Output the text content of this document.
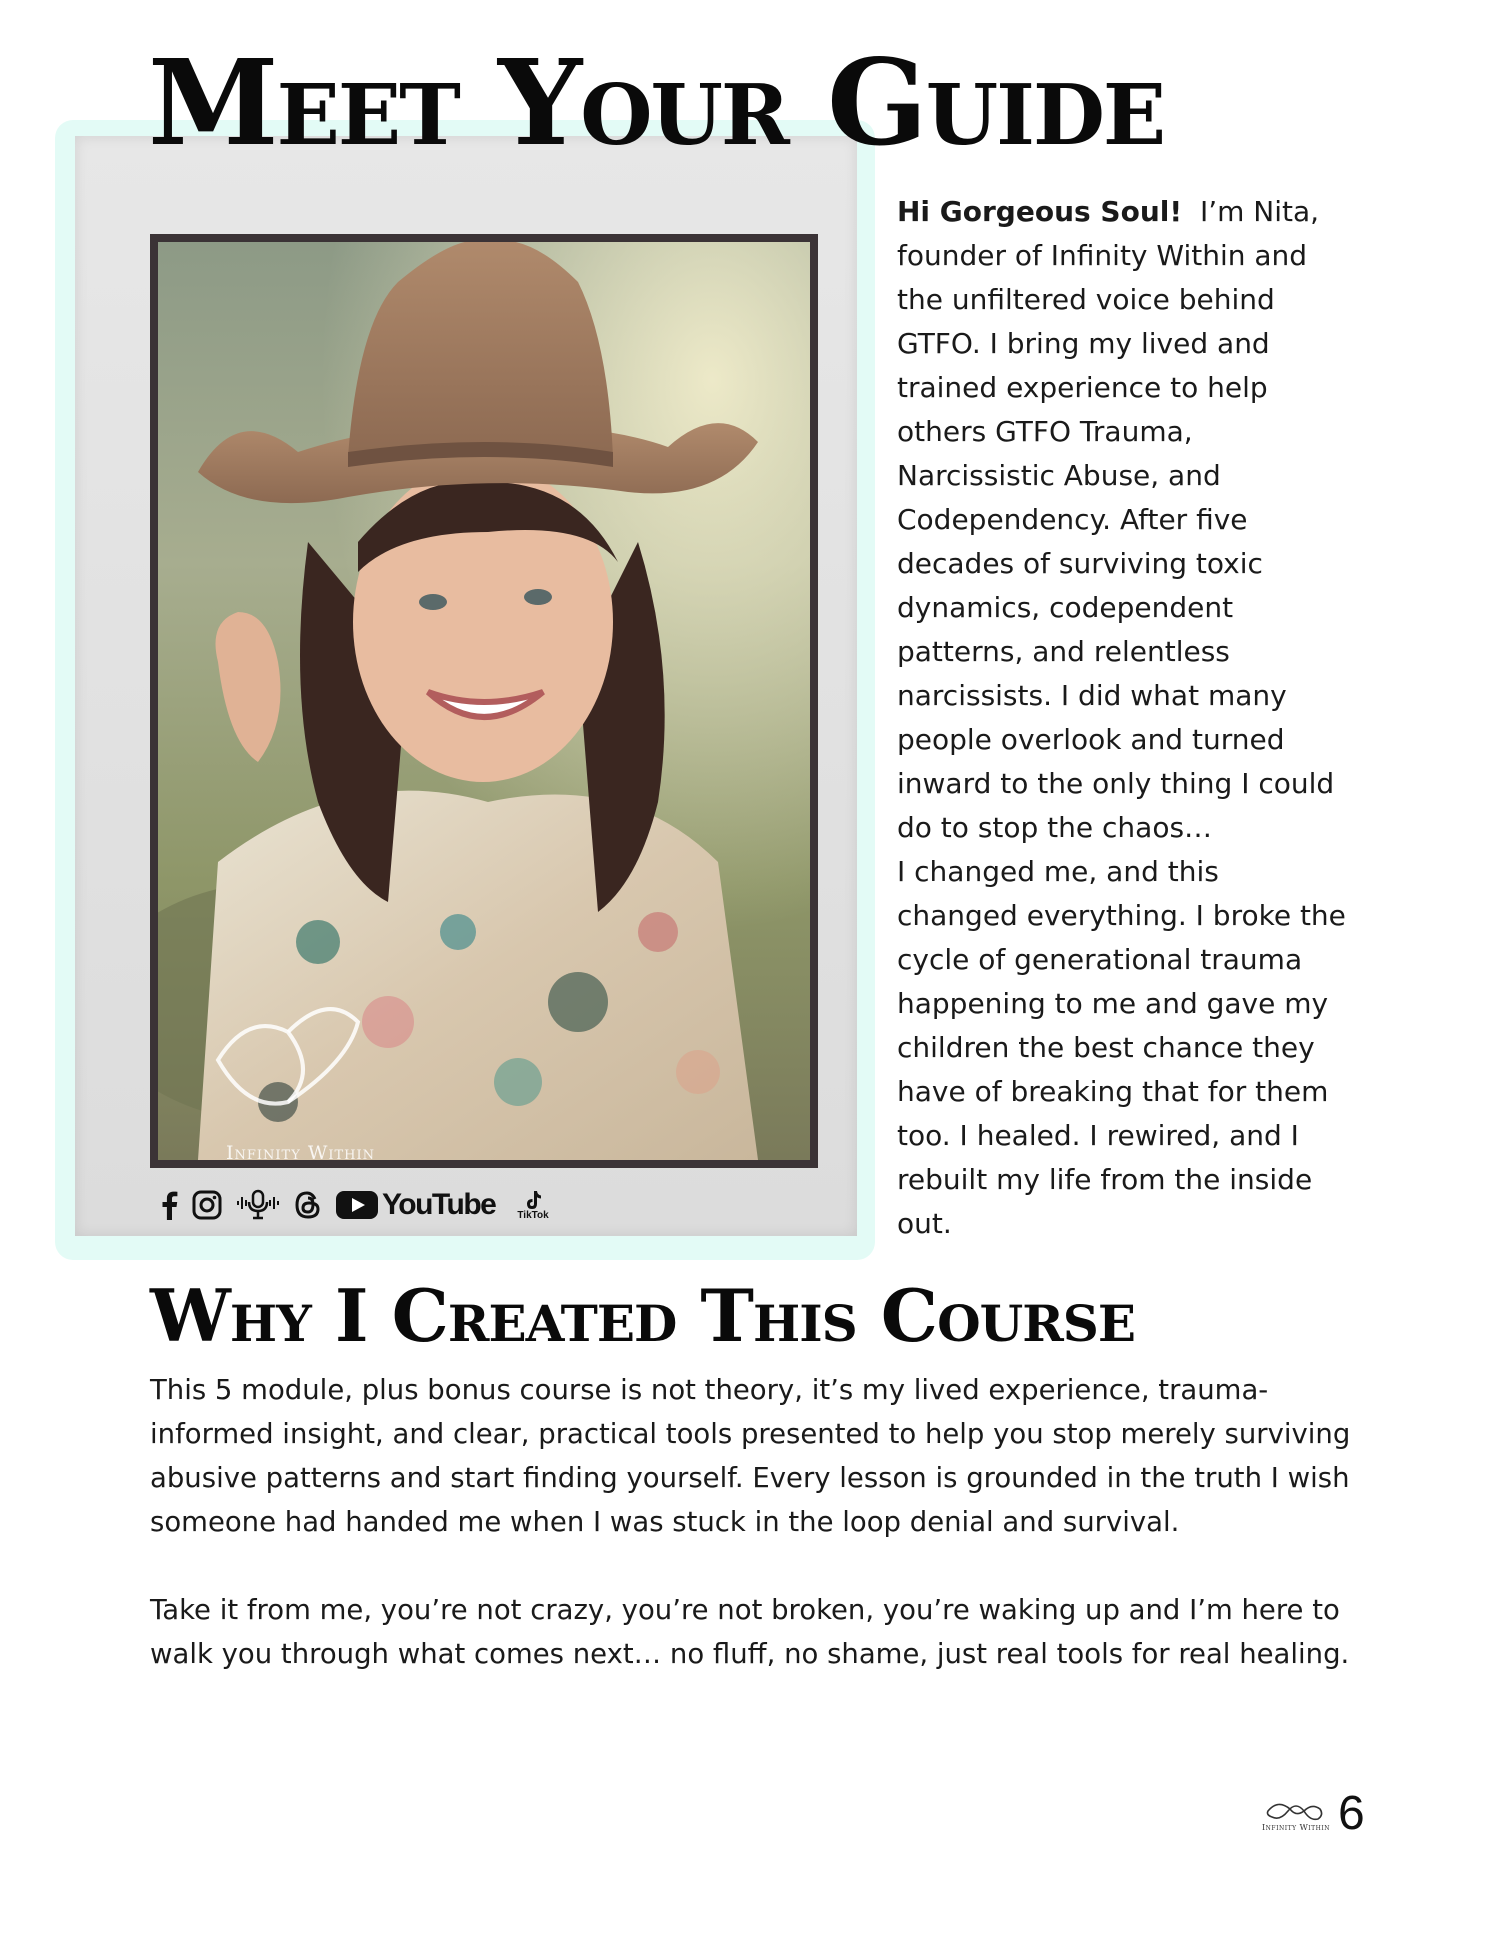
Meet Your Guide
Infinity Within
YouTube TikTok
Hi Gorgeous Soul! I’m Nita, founder of Infinity Within and the unfiltered voice behind GTFO. I bring my lived and trained experience to help others GTFO Trauma, Narcissistic Abuse, and Codependency. After five decades of surviving toxic dynamics, codependent patterns, and relentless narcissists. I did what many people overlook and turned inward to the only thing I could do to stop the chaos…
I changed me, and this changed everything. I broke the cycle of generational trauma happening to me and gave my children the best chance they have of breaking that for them too. I healed. I rewired, and I rebuilt my life from the inside out.
Why I Created This Course

This 5 module, plus bonus course is not theory, it’s my lived experience, trauma-informed insight, and clear, practical tools presented to help you stop merely surviving abusive patterns and start finding yourself. Every lesson is grounded in the truth I wish someone had handed me when I was stuck in the loop denial and survival.

Take it from me, you’re not crazy, you’re not broken, you’re waking up and I’m here to walk you through what comes next… no fluff, no shame, just real tools for real healing.

Infinity Within 6
